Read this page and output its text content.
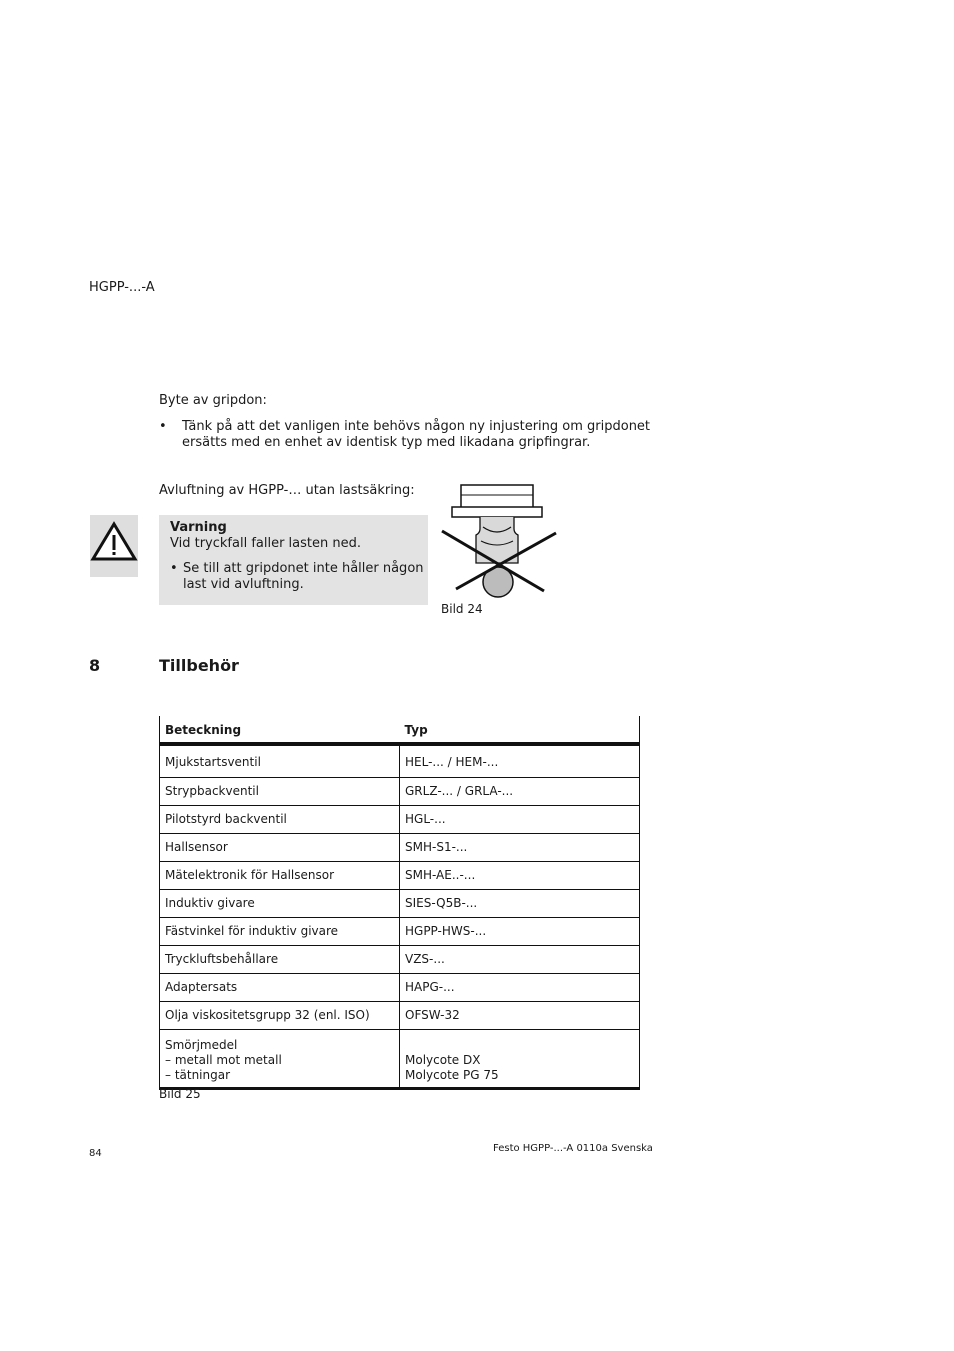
HGPP-...-A
Byte av gripdon:
• Tänk på att det vanligen inte behövs någon ny injustering om gripdonet ersätts med en enhet av identisk typ med likadana gripfingrar.
Avluftning av HGPP-… utan lastsäkring:
Varning
Vid tryckfall faller lasten ned.
• Se till att gripdonet inte håller någon last vid avluftning.
Bild 24
8	Tillbehör
Beteckning	Typ
Mjukstartsventil	HEL-... / HEM-...
Strypbackventil	GRLZ-... / GRLA-...
Pilotstyrd backventil	HGL-...
Hallsensor	SMH-S1-...
Mätelektronik för Hallsensor	SMH-AE..-...
Induktiv givare	SIES-Q5B-...
Fästvinkel för induktiv givare	HGPP-HWS-...
Tryckluftsbehållare	VZS-...
Adaptersats	HAPG-...
Olja viskositetsgrupp 32 (enl. ISO)	OFSW-32
Smörjmedel
– metall mot metall
– tätningar	Molycote DX
Molycote PG 75
Bild 25
84	Festo HGPP-...-A 0110a Svenska
